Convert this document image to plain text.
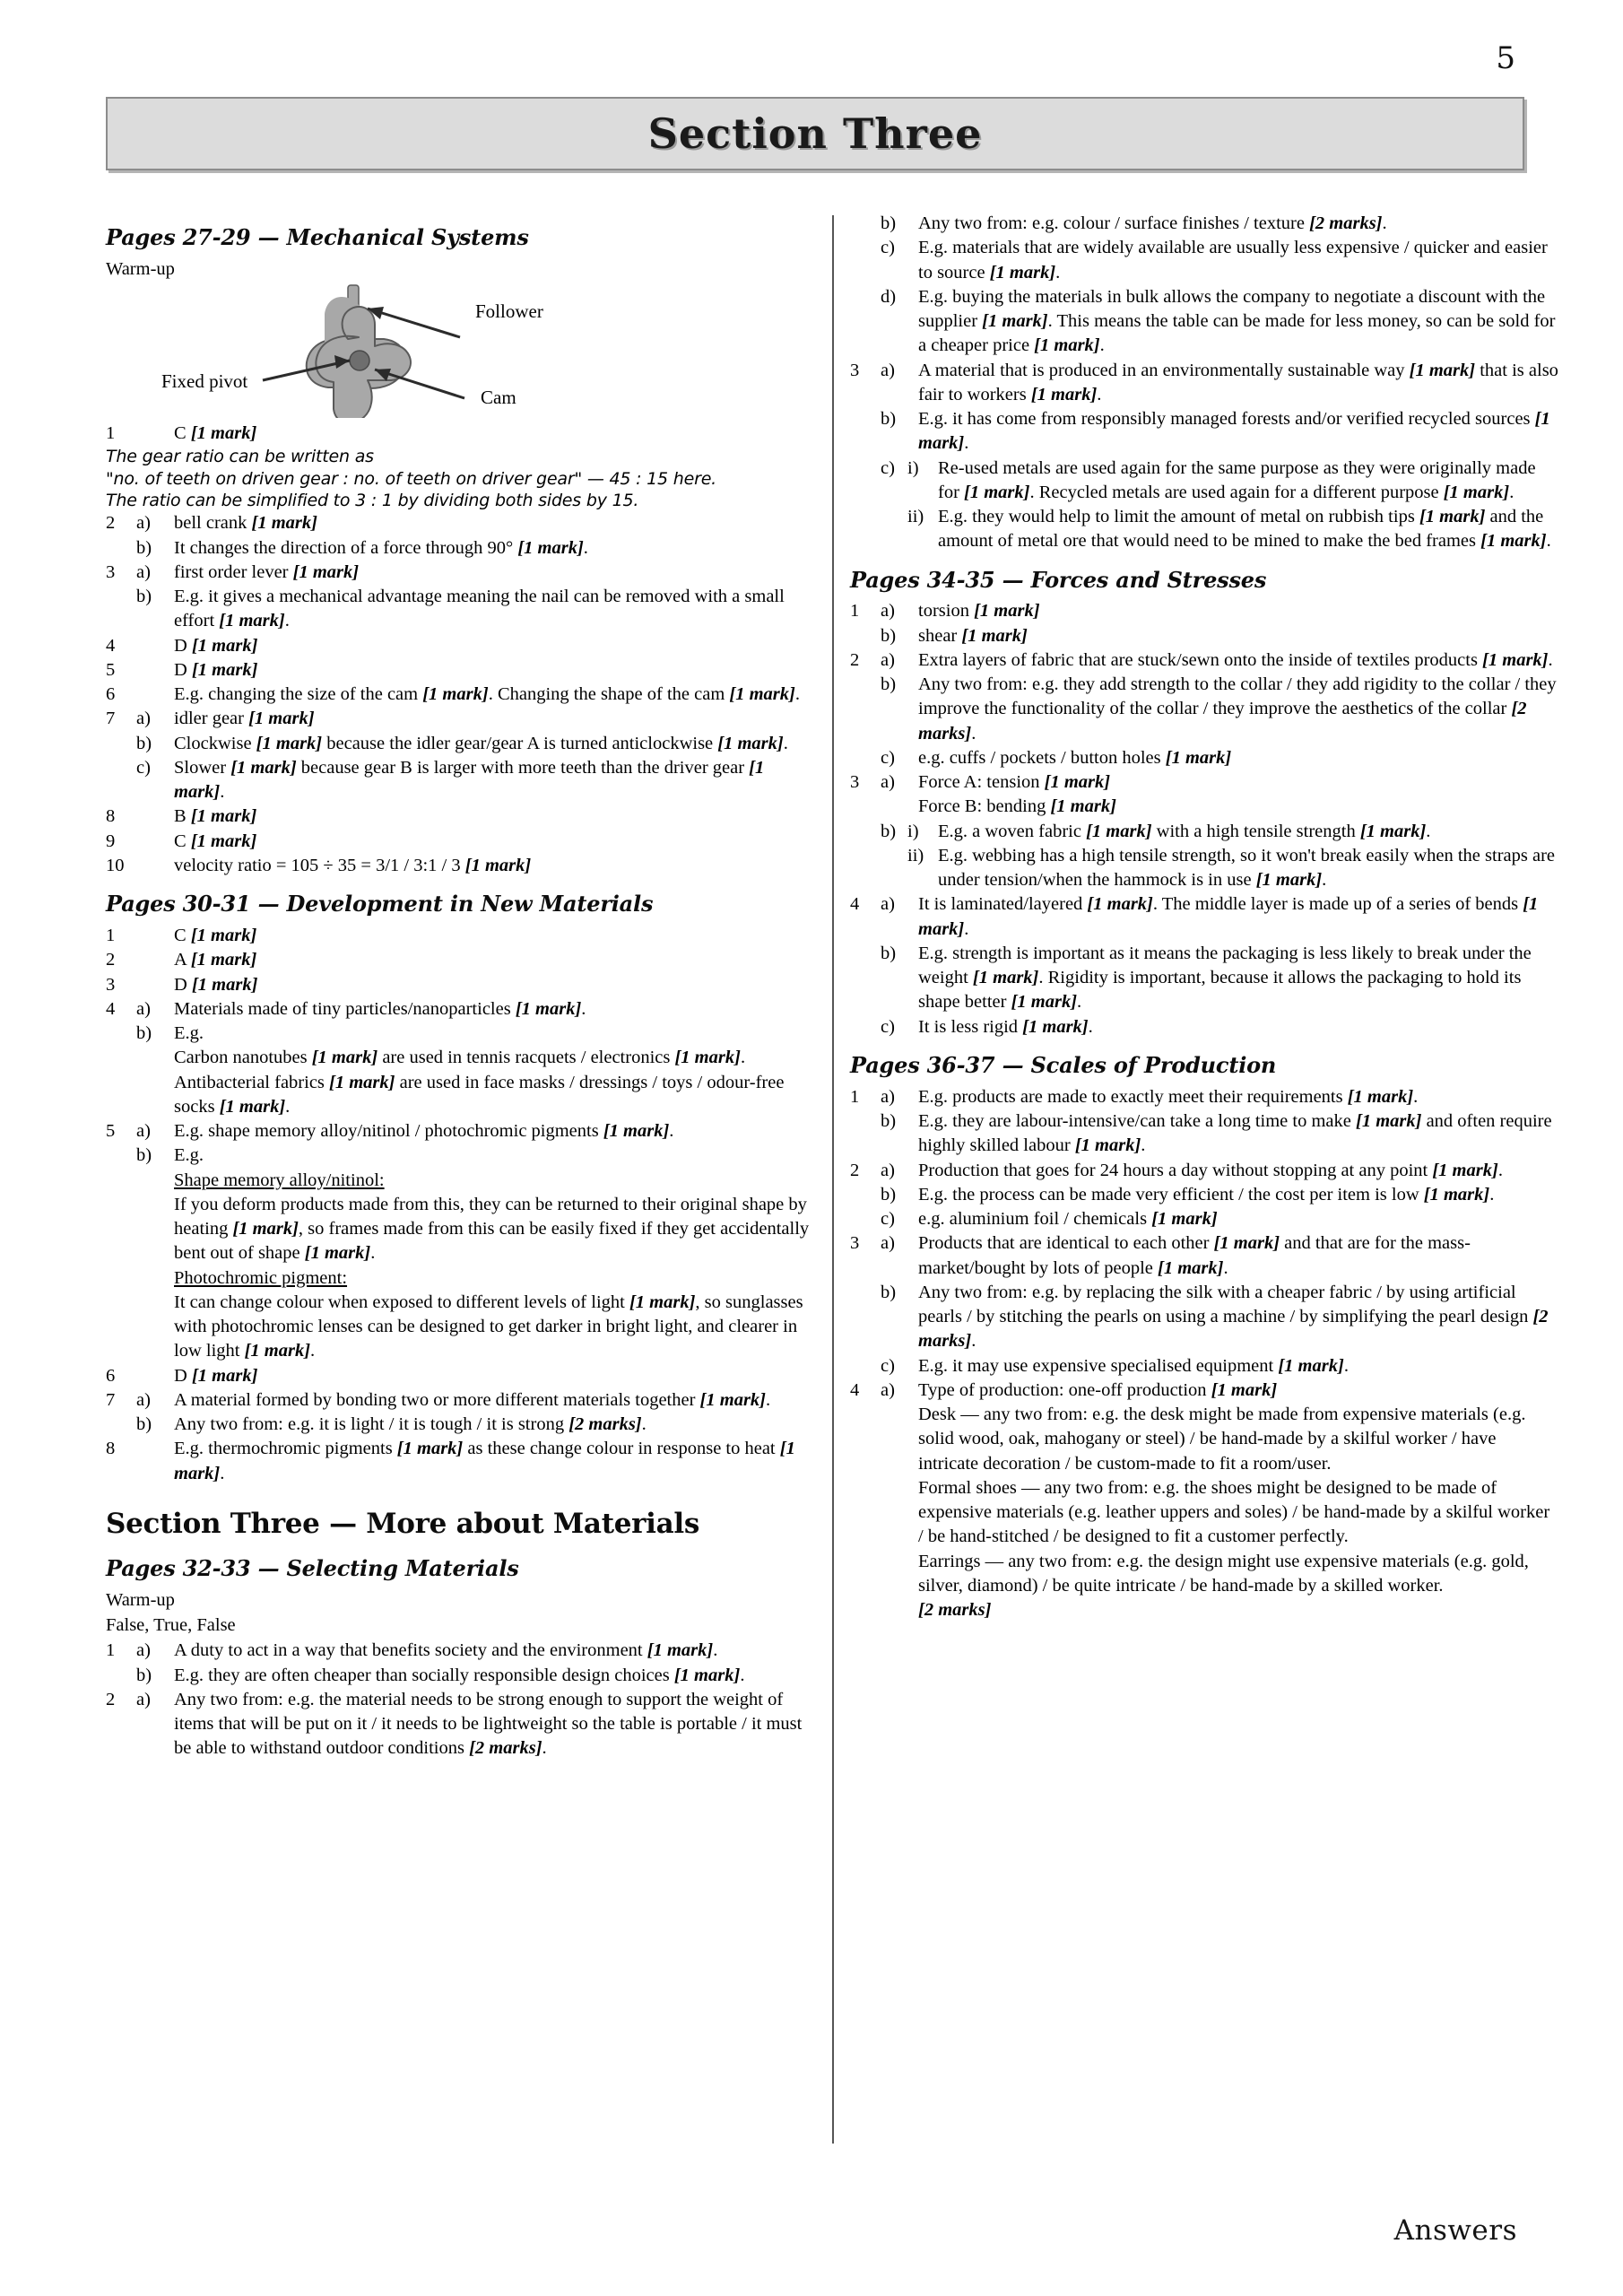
5
Section Three
Pages 27-29 — Mechanical Systems
Warm-up
Follower
Fixed pivot
Cam
1	C [1 mark]
The gear ratio can be written as
"no. of teeth on driven gear : no. of teeth on driver gear" — 45 : 15 here.
The ratio can be simplified to 3 : 1 by dividing both sides by 15.
2	a)	bell crank [1 mark]
b)	It changes the direction of a force through 90° [1 mark].
3	a)	first order lever [1 mark]
b)	E.g. it gives a mechanical advantage meaning the nail can be removed with a small effort [1 mark].
4	D [1 mark]
5	D [1 mark]
6	E.g. changing the size of the cam [1 mark]. Changing the shape of the cam [1 mark].
7	a)	idler gear [1 mark]
b)	Clockwise [1 mark] because the idler gear/gear A is turned anticlockwise [1 mark].
c)	Slower [1 mark] because gear B is larger with more teeth than the driver gear [1 mark].
8	B [1 mark]
9	C [1 mark]
10	velocity ratio = 105 ÷ 35 = 3/1 / 3:1 / 3 [1 mark]
Pages 30-31 — Development in New Materials
1	C [1 mark]
2	A [1 mark]
3	D [1 mark]
4	a)	Materials made of tiny particles/nanoparticles [1 mark].
b)	E.g.
Carbon nanotubes [1 mark] are used in tennis racquets / electronics [1 mark].
Antibacterial fabrics [1 mark] are used in face masks / dressings / toys / odour-free socks [1 mark].
5	a)	E.g. shape memory alloy/nitinol / photochromic pigments [1 mark].
b)	E.g.
Shape memory alloy/nitinol:
If you deform products made from this, they can be returned to their original shape by heating [1 mark], so frames made from this can be easily fixed if they get accidentally bent out of shape [1 mark].
Photochromic pigment:
It can change colour when exposed to different levels of light [1 mark], so sunglasses with photochromic lenses can be designed to get darker in bright light, and clearer in low light [1 mark].
6	D [1 mark]
7	a)	A material formed by bonding two or more different materials together [1 mark].
b)	Any two from: e.g. it is light / it is tough / it is strong [2 marks].
8	E.g. thermochromic pigments [1 mark] as these change colour in response to heat [1 mark].
Section Three — More about Materials
Pages 32-33 — Selecting Materials
Warm-up
False, True, False
1	a)	A duty to act in a way that benefits society and the environment [1 mark].
b)	E.g. they are often cheaper than socially responsible design choices [1 mark].
2	a)	Any two from: e.g. the material needs to be strong enough to support the weight of items that will be put on it / it needs to be lightweight so the table is portable / it must be able to withstand outdoor conditions [2 marks].
b)	Any two from: e.g. colour / surface finishes / texture [2 marks].
c)	E.g. materials that are widely available are usually less expensive / quicker and easier to source [1 mark].
d)	E.g. buying the materials in bulk allows the company to negotiate a discount with the supplier [1 mark]. This means the table can be made for less money, so can be sold for a cheaper price [1 mark].
3	a)	A material that is produced in an environmentally sustainable way [1 mark] that is also fair to workers [1 mark].
b)	E.g. it has come from responsibly managed forests and/or verified recycled sources [1 mark].
c) i)	Re-used metals are used again for the same purpose as they were originally made for [1 mark]. Recycled metals are used again for a different purpose [1 mark].
ii) E.g. they would help to limit the amount of metal on rubbish tips [1 mark] and the amount of metal ore that would need to be mined to make the bed frames [1 mark].
Pages 34-35 — Forces and Stresses
1	a)	torsion [1 mark]
b)	shear [1 mark]
2	a)	Extra layers of fabric that are stuck/sewn onto the inside of textiles products [1 mark].
b)	Any two from: e.g. they add strength to the collar / they add rigidity to the collar / they improve the functionality of the collar / they improve the aesthetics of the collar [2 marks].
c)	e.g. cuffs / pockets / button holes [1 mark]
3	a)	Force A: tension [1 mark]
Force B: bending [1 mark]
b) i)	E.g. a woven fabric [1 mark] with a high tensile strength [1 mark].
ii) E.g. webbing has a high tensile strength, so it won't break easily when the straps are under tension/when the hammock is in use [1 mark].
4	a)	It is laminated/layered [1 mark]. The middle layer is made up of a series of bends [1 mark].
b)	E.g. strength is important as it means the packaging is less likely to break under the weight [1 mark]. Rigidity is important, because it allows the packaging to hold its shape better [1 mark].
c)	It is less rigid [1 mark].
Pages 36-37 — Scales of Production
1	a)	E.g. products are made to exactly meet their requirements [1 mark].
b)	E.g. they are labour-intensive/can take a long time to make [1 mark] and often require highly skilled labour [1 mark].
2	a)	Production that goes for 24 hours a day without stopping at any point [1 mark].
b)	E.g. the process can be made very efficient / the cost per item is low [1 mark].
c)	e.g. aluminium foil / chemicals [1 mark]
3	a)	Products that are identical to each other [1 mark] and that are for the mass-market/bought by lots of people [1 mark].
b)	Any two from: e.g. by replacing the silk with a cheaper fabric / by using artificial pearls / by stitching the pearls on using a machine / by simplifying the pearl design [2 marks].
c)	E.g. it may use expensive specialised equipment [1 mark].
4	a)	Type of production: one-off production [1 mark]
Desk — any two from: e.g. the desk might be made from expensive materials (e.g. solid wood, oak, mahogany or steel) / be hand-made by a skilful worker / have intricate decoration / be custom-made to fit a room/user.
Formal shoes — any two from: e.g. the shoes might be designed to be made of expensive materials (e.g. leather uppers and soles) / be hand-made by a skilful worker / be hand-stitched / be designed to fit a customer perfectly.
Earrings — any two from: e.g. the design might use expensive materials (e.g. gold, silver, diamond) / be quite intricate / be hand-made by a skilled worker.
[2 marks]
Answers
